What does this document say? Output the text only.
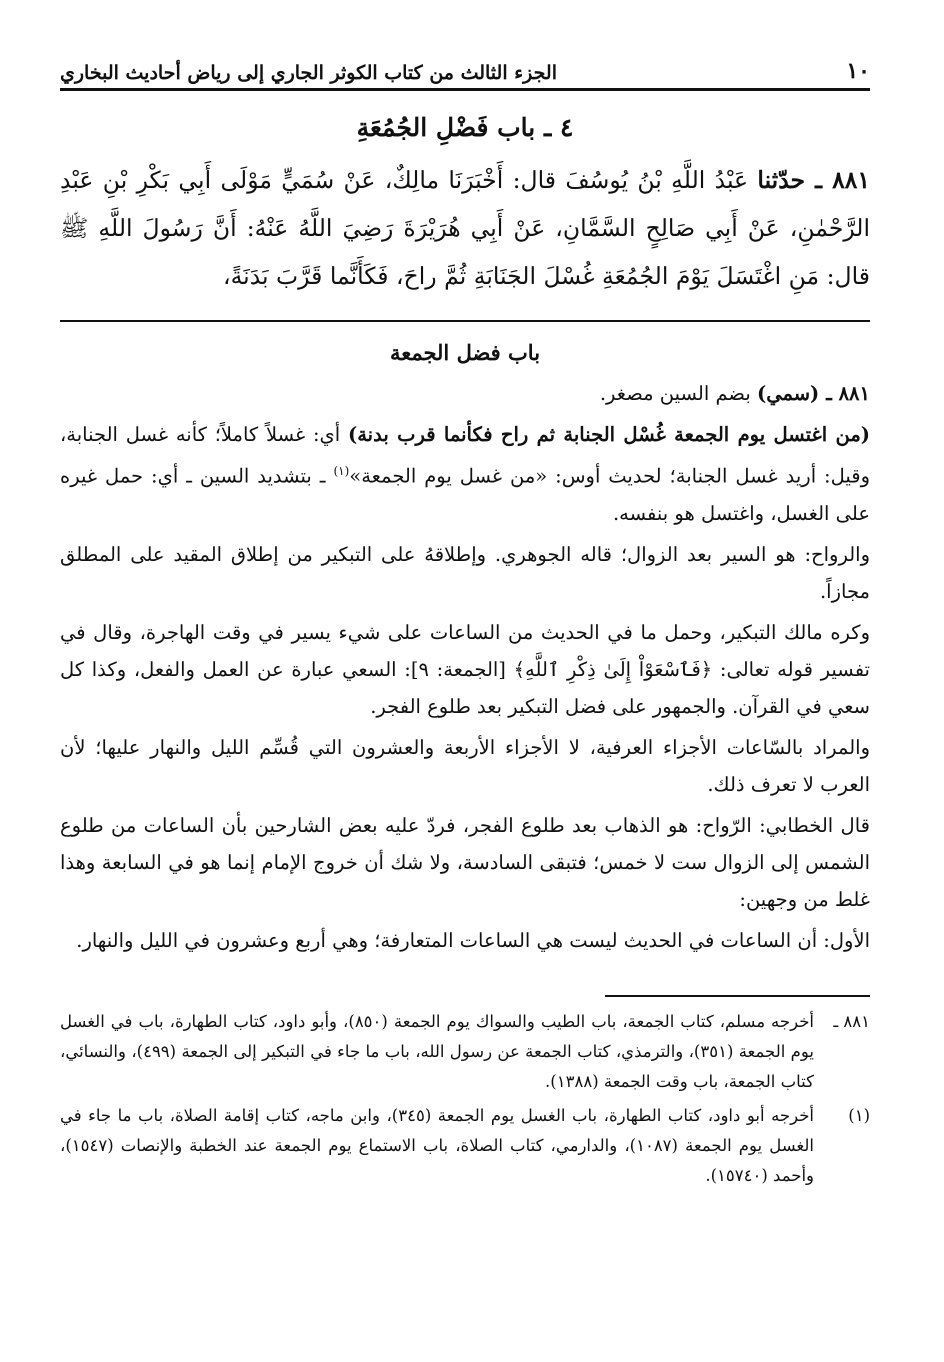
١٠
الجزء الثالث من كتاب الكوثر الجاري إلى رياض أحاديث البخاري
٤ ـ باب فَضْلِ الجُمُعَةِ
٨٨١ ـ حدّثنا عَبْدُ اللَّهِ بْنُ يُوسُفَ قال: أَخْبَرَنَا مالِكٌ، عَنْ سُمَيٍّ مَوْلَى أَبِي بَكْرِ بْنِ عَبْدِ الرَّحْمٰنِ، عَنْ أَبِي صَالِحٍ السَّمَّانِ، عَنْ أَبِي هُرَيْرَةَ رَضِيَ اللَّهُ عَنْهُ: أَنَّ رَسُولَ اللَّهِ ﷺ قال: مَنِ اغْتَسَلَ يَوْمَ الجُمُعَةِ غُسْلَ الجَنَابَةِ ثُمَّ راحَ، فَكَأَنَّما قَرَّبَ بَدَنَةً،
باب فضل الجمعة

٨٨١ ـ (سمي) بضم السين مصغر.

(من اغتسل يوم الجمعة غُسْل الجنابة ثم راح فكأنما قرب بدنة) أي: غسلاً كاملاً؛ كأنه غسل الجنابة، وقيل: أريد غسل الجنابة؛ لحديث أوس: «من غسل يوم الجمعة»$^{(١)}$ ـ بتشديد السين ـ أي: حمل غيره على الغسل، واغتسل هو بنفسه.

والرواح: هو السير بعد الزوال؛ قاله الجوهري. وإطلاقهُ على التبكير من إطلاق المقيد على المطلق مجازاً.

وكره مالك التبكير، وحمل ما في الحديث من الساعات على شيء يسير في وقت الهاجرة، وقال في تفسير قوله تعالى: ﴿فَٱسْعَوْاْ إِلَىٰ ذِكْرِ ٱللَّهِ﴾ [الجمعة: ٩]: السعي عبارة عن العمل والفعل، وكذا كل سعي في القرآن. والجمهور على فضل التبكير بعد طلوع الفجر.

والمراد بالسّاعات الأجزاء العرفية، لا الأجزاء الأربعة والعشرون التي قُسِّم الليل والنهار عليها؛ لأن العرب لا تعرف ذلك.

قال الخطابي: الرّواح: هو الذهاب بعد طلوع الفجر، فردّ عليه بعض الشارحين بأن الساعات من طلوع الشمس إلى الزوال ست لا خمس؛ فتبقى السادسة، ولا شك أن خروج الإمام إنما هو في السابعة وهذا غلط من وجهين:

الأول: أن الساعات في الحديث ليست هي الساعات المتعارفة؛ وهي أربع وعشرون في الليل والنهار.

٨٨١ ـ
أخرجه مسلم، كتاب الجمعة، باب الطيب والسواك يوم الجمعة (٨٥٠)، وأبو داود، كتاب الطهارة، باب في الغسل يوم الجمعة (٣٥١)، والترمذي، كتاب الجمعة عن رسول الله، باب ما جاء في التبكير إلى الجمعة (٤٩٩)، والنسائي، كتاب الجمعة، باب وقت الجمعة (١٣٨٨).
(١)
أخرجه أبو داود، كتاب الطهارة، باب الغسل يوم الجمعة (٣٤٥)، وابن ماجه، كتاب إقامة الصلاة، باب ما جاء في الغسل يوم الجمعة (١٠٨٧)، والدارمي، كتاب الصلاة، باب الاستماع يوم الجمعة عند الخطبة والإنصات (١٥٤٧)، وأحمد (١٥٧٤٠).
